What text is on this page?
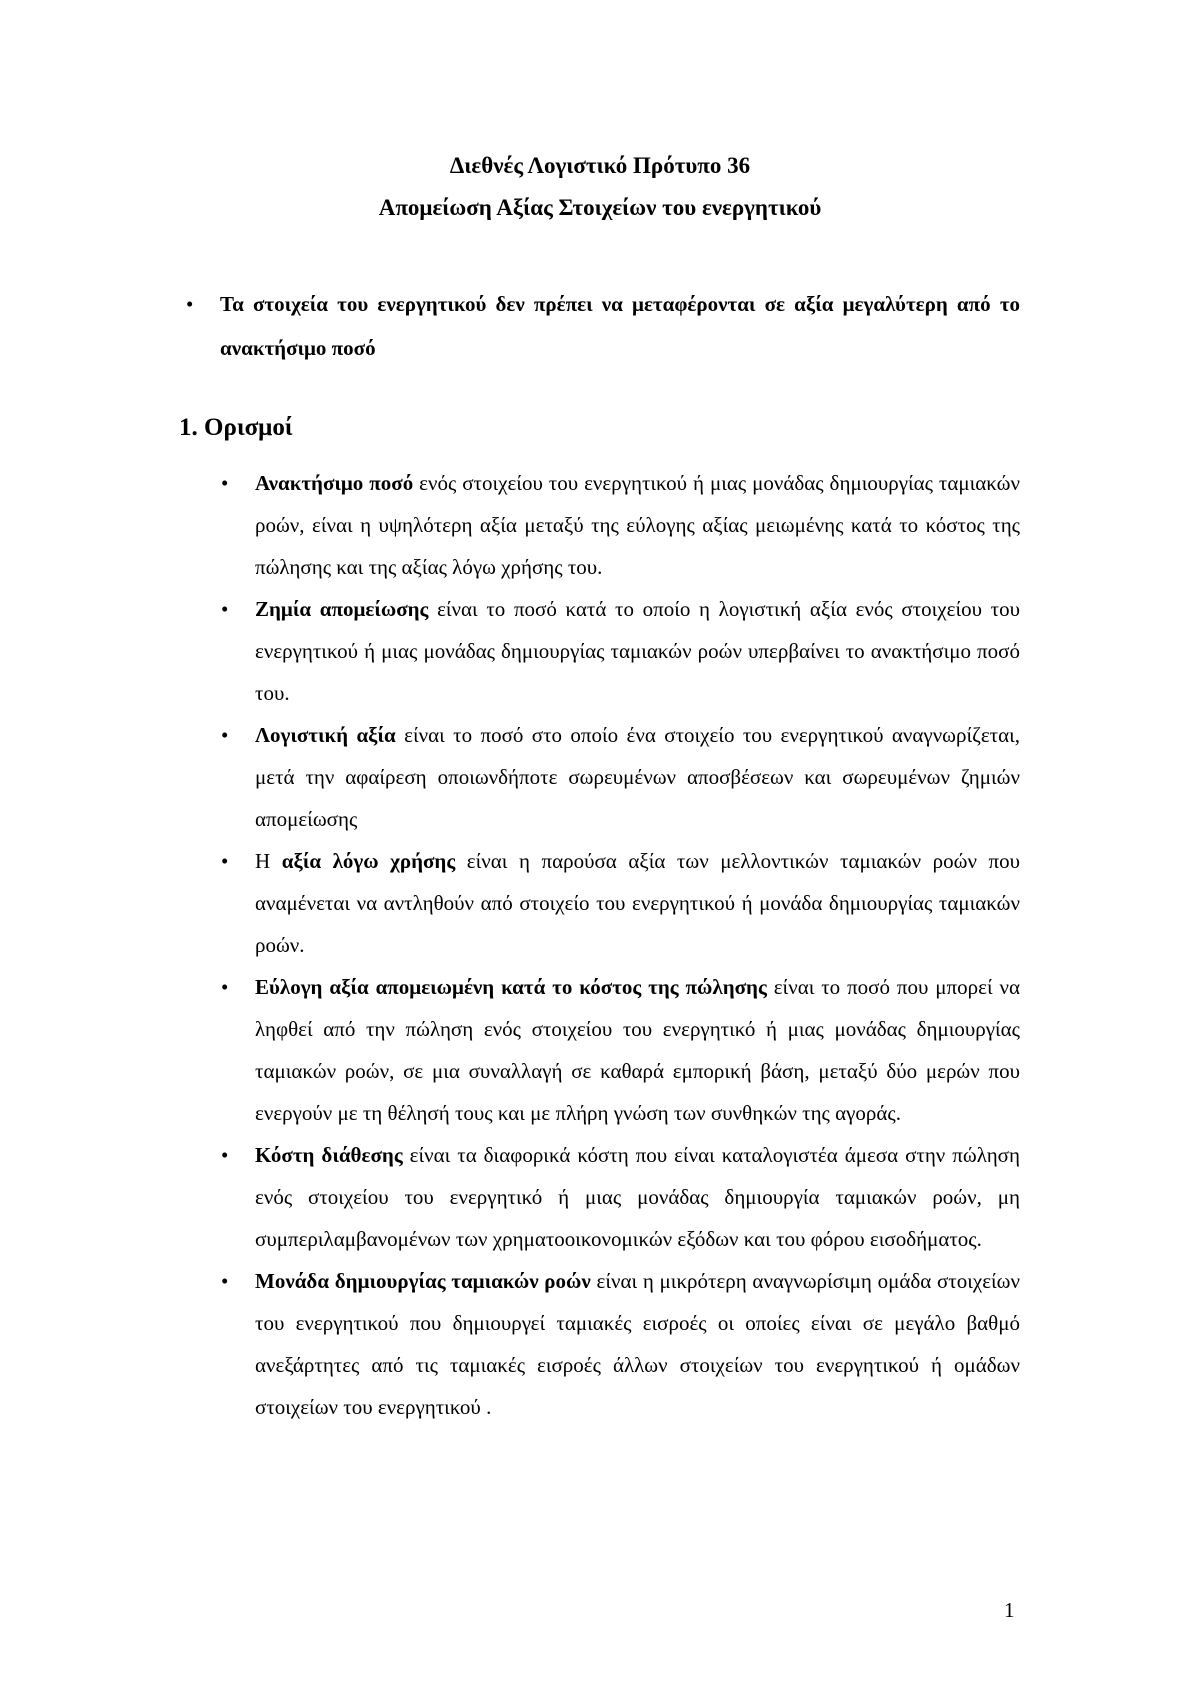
Διεθνές Λογιστικό Πρότυπο 36
Απομείωση Αξίας Στοιχείων του ενεργητικού
• Τα στοιχεία του ενεργητικού δεν πρέπει να μεταφέρονται σε αξία μεγαλύτερη από το ανακτήσιμο ποσό
1. Ορισμοί
• Ανακτήσιμο ποσό ενός στοιχείου του ενεργητικού ή μιας μονάδας δημιουργίας ταμιακών ροών, είναι η υψηλότερη αξία μεταξύ της εύλογης αξίας μειωμένης κατά το κόστος της πώλησης και της αξίας λόγω χρήσης του.
• Ζημία απομείωσης είναι το ποσό κατά το οποίο η λογιστική αξία ενός στοιχείου του ενεργητικού ή μιας μονάδας δημιουργίας ταμιακών ροών υπερβαίνει το ανακτήσιμο ποσό του.
• Λογιστική αξία είναι το ποσό στο οποίο ένα στοιχείο του ενεργητικού αναγνωρίζεται, μετά την αφαίρεση οποιωνδήποτε σωρευμένων αποσβέσεων και σωρευμένων ζημιών απομείωσης
• Η αξία λόγω χρήσης είναι η παρούσα αξία των μελλοντικών ταμιακών ροών που αναμένεται να αντληθούν από στοιχείο του ενεργητικού ή μονάδα δημιουργίας ταμιακών ροών.
• Εύλογη αξία απομειωμένη κατά το κόστος της πώλησης είναι το ποσό που μπορεί να ληφθεί από την πώληση ενός στοιχείου του ενεργητικό ή μιας μονάδας δημιουργίας ταμιακών ροών, σε μια συναλλαγή σε καθαρά εμπορική βάση, μεταξύ δύο μερών που ενεργούν με τη θέλησή τους και με πλήρη γνώση των συνθηκών της αγοράς.
• Κόστη διάθεσης είναι τα διαφορικά κόστη που είναι καταλογιστέα άμεσα στην πώληση ενός στοιχείου του ενεργητικό ή μιας μονάδας δημιουργία ταμιακών ροών, μη συμπεριλαμβανομένων των χρηματοοικονομικών εξόδων και του φόρου εισοδήματος.
• Μονάδα δημιουργίας ταμιακών ροών είναι η μικρότερη αναγνωρίσιμη ομάδα στοιχείων του ενεργητικού που δημιουργεί ταμιακές εισροές οι οποίες είναι σε μεγάλο βαθμό ανεξάρτητες από τις ταμιακές εισροές άλλων στοιχείων του ενεργητικού ή ομάδων στοιχείων του ενεργητικού .
1
